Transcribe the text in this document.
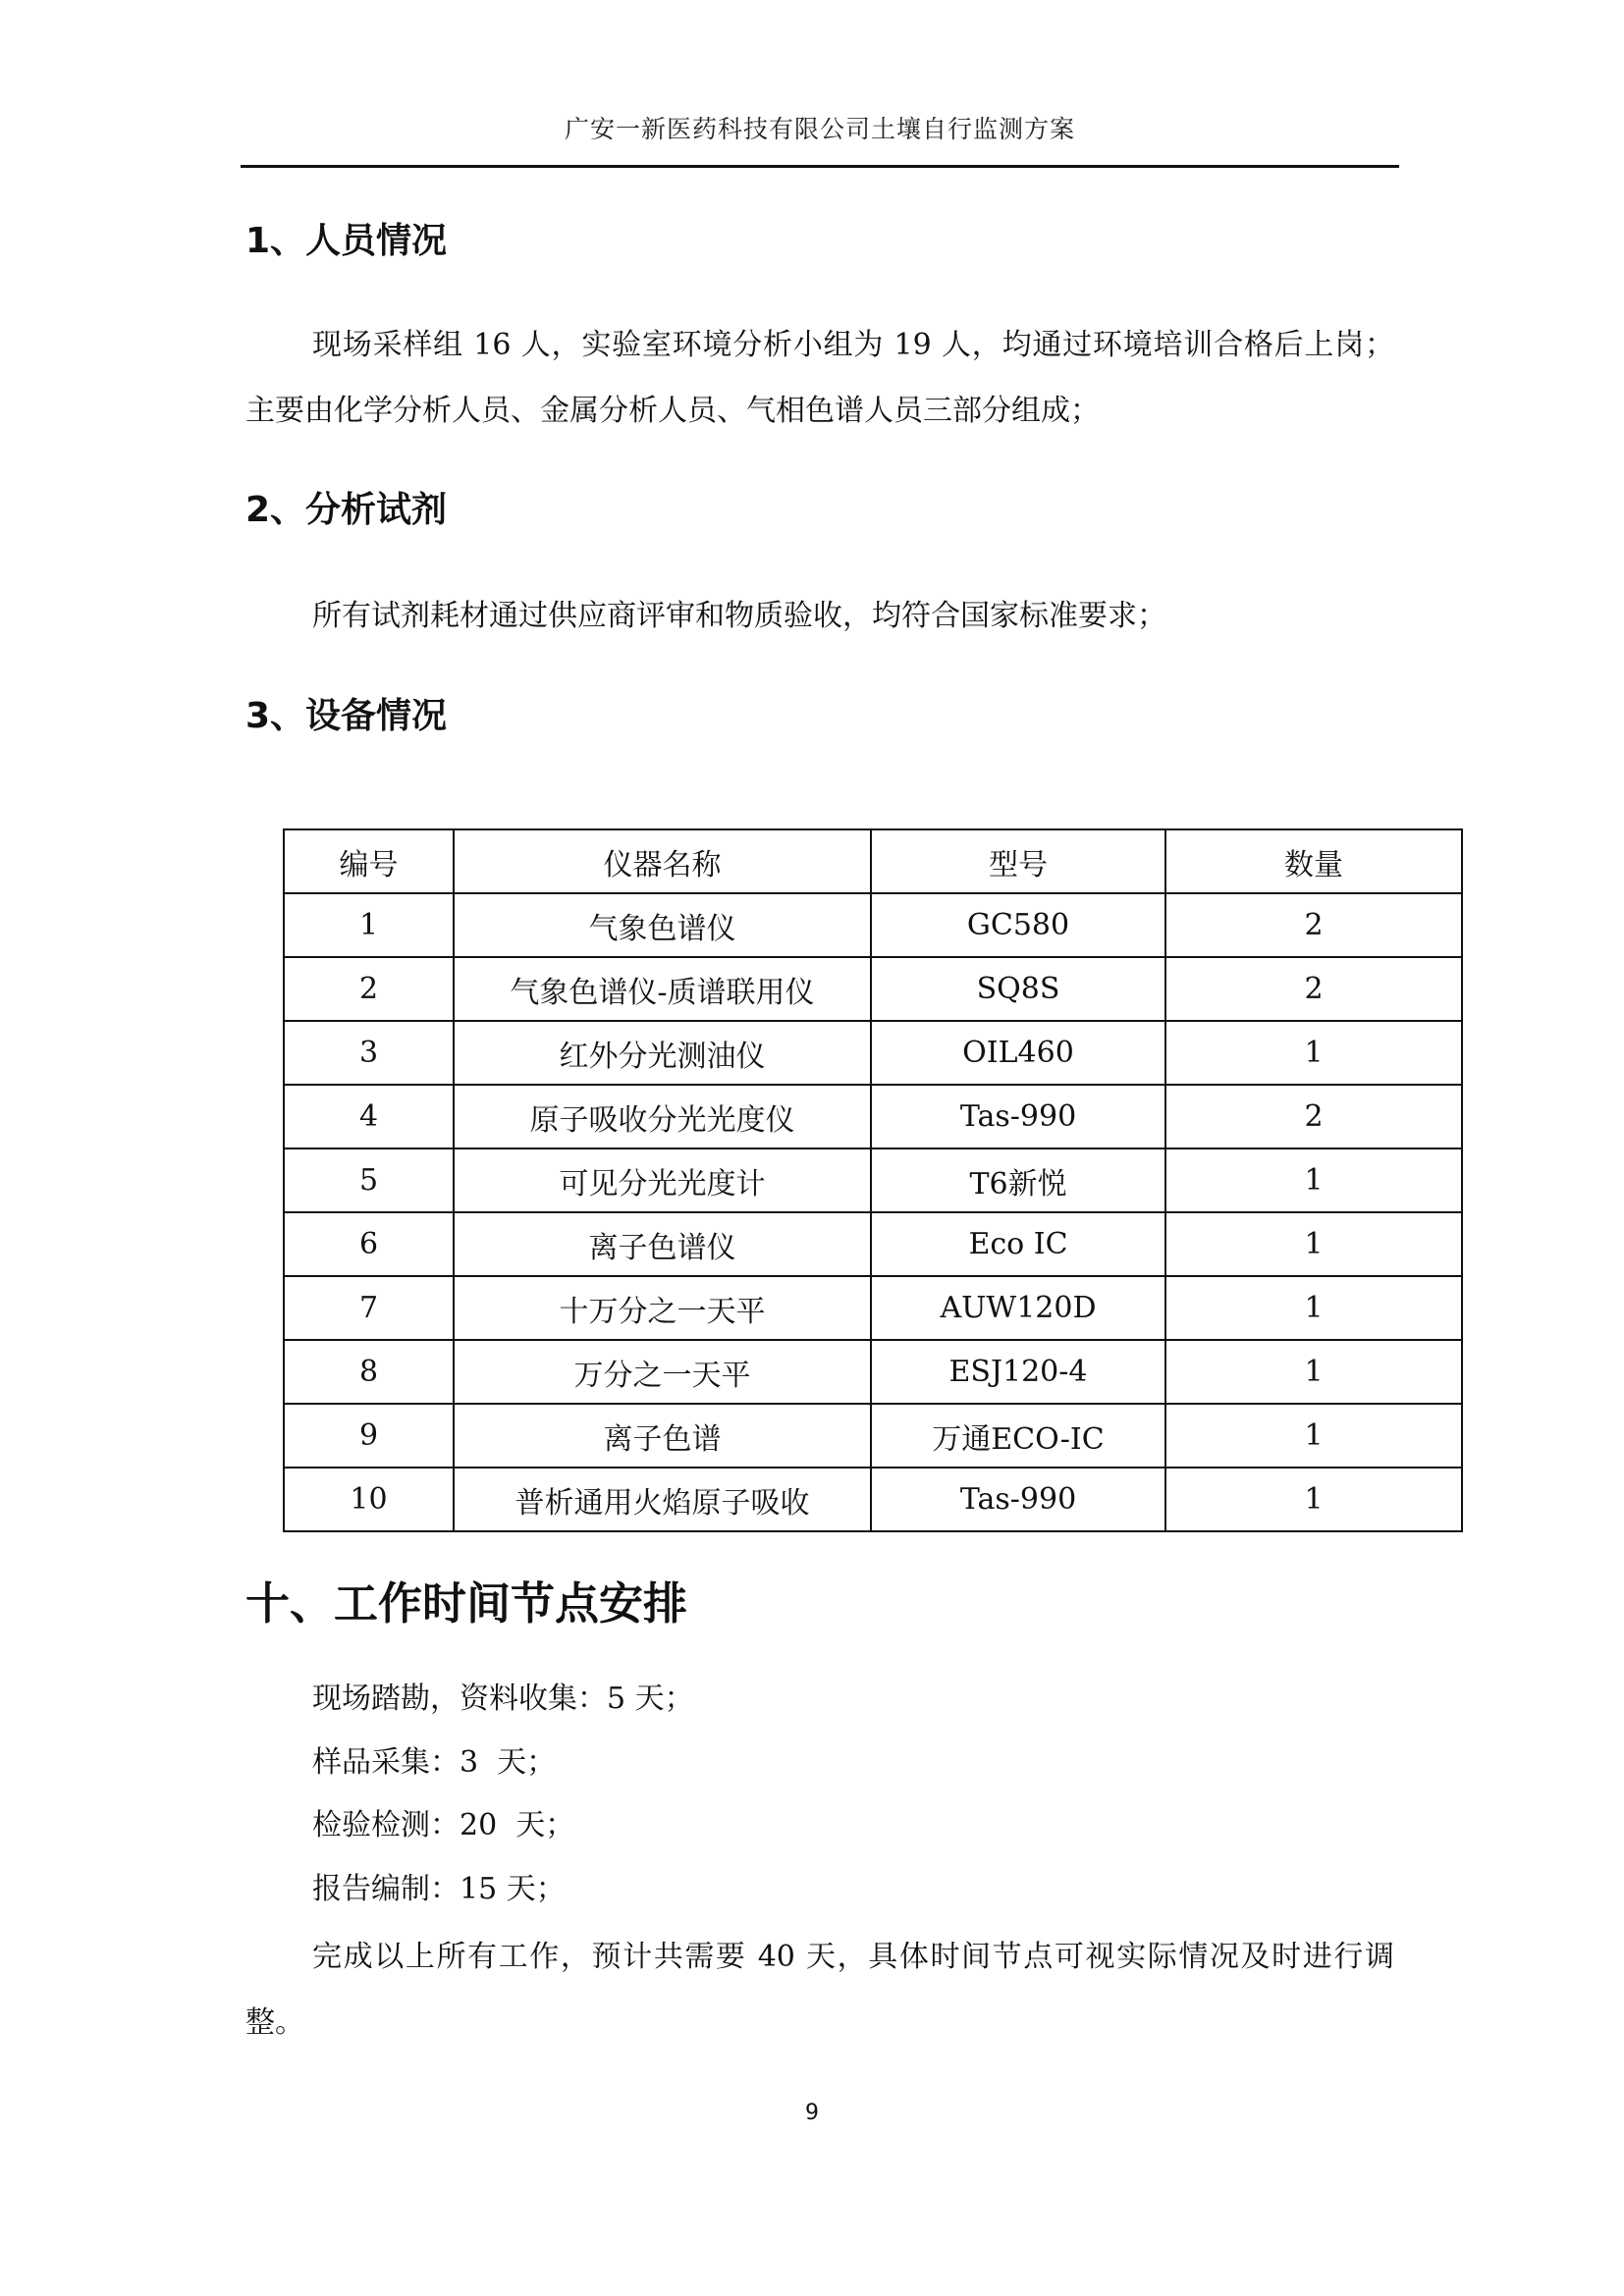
广安一新医药科技有限公司土壤自行监测方案
1、人员情况
现场采样组 16 人，实验室环境分析小组为 19 人，均通过环境培训合格后上岗；主要由化学分析人员、金属分析人员、气相色谱人员三部分组成；
2、分析试剂
所有试剂耗材通过供应商评审和物质验收，均符合国家标准要求；
3、设备情况
编号	仪器名称	型号	数量
1	气象色谱仪	GC580	2
2	气象色谱仪-质谱联用仪	SQ8S	2
3	红外分光测油仪	OIL460	1
4	原子吸收分光光度仪	Tas-990	2
5	可见分光光度计	T6新悦	1
6	离子色谱仪	Eco IC	1
7	十万分之一天平	AUW120D	1
8	万分之一天平	ESJ120-4	1
9	离子色谱	万通ECO-IC	1
10	普析通用火焰原子吸收	Tas-990	1
十、工作时间节点安排
现场踏勘，资料收集：5 天；
样品采集：3  天；
检验检测：20  天；
报告编制：15 天；
完成以上所有工作，预计共需要 40 天，具体时间节点可视实际情况及时进行调整。
9
